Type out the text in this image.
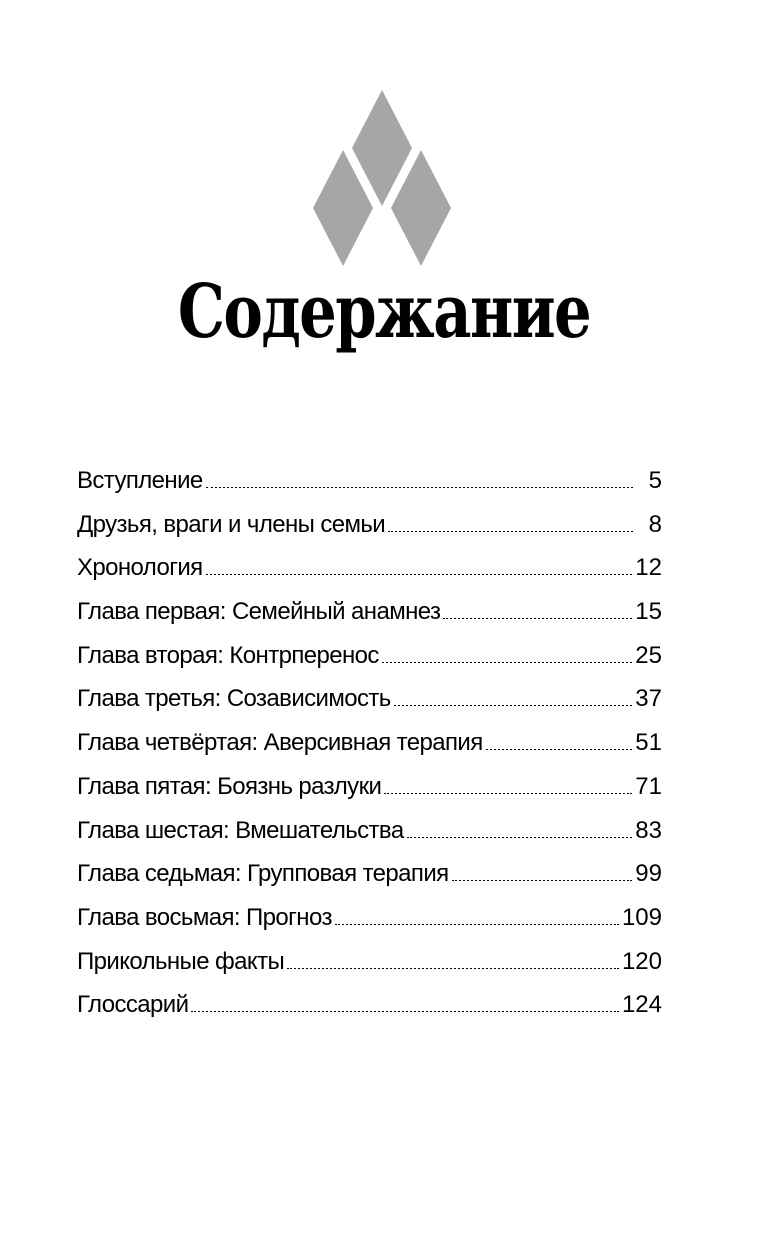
Содержание
Вступление	5
Друзья, враги и члены семьи	8
Хронология	12
Глава первая: Семейный анамнез	15
Глава вторая: Контрперенос	25
Глава третья: Созависимость	37
Глава четвёртая: Аверсивная терапия	51
Глава пятая: Боязнь разлуки	71
Глава шестая: Вмешательства	83
Глава седьмая: Групповая терапия	99
Глава восьмая: Прогноз	109
Прикольные факты	120
Глоссарий	124
